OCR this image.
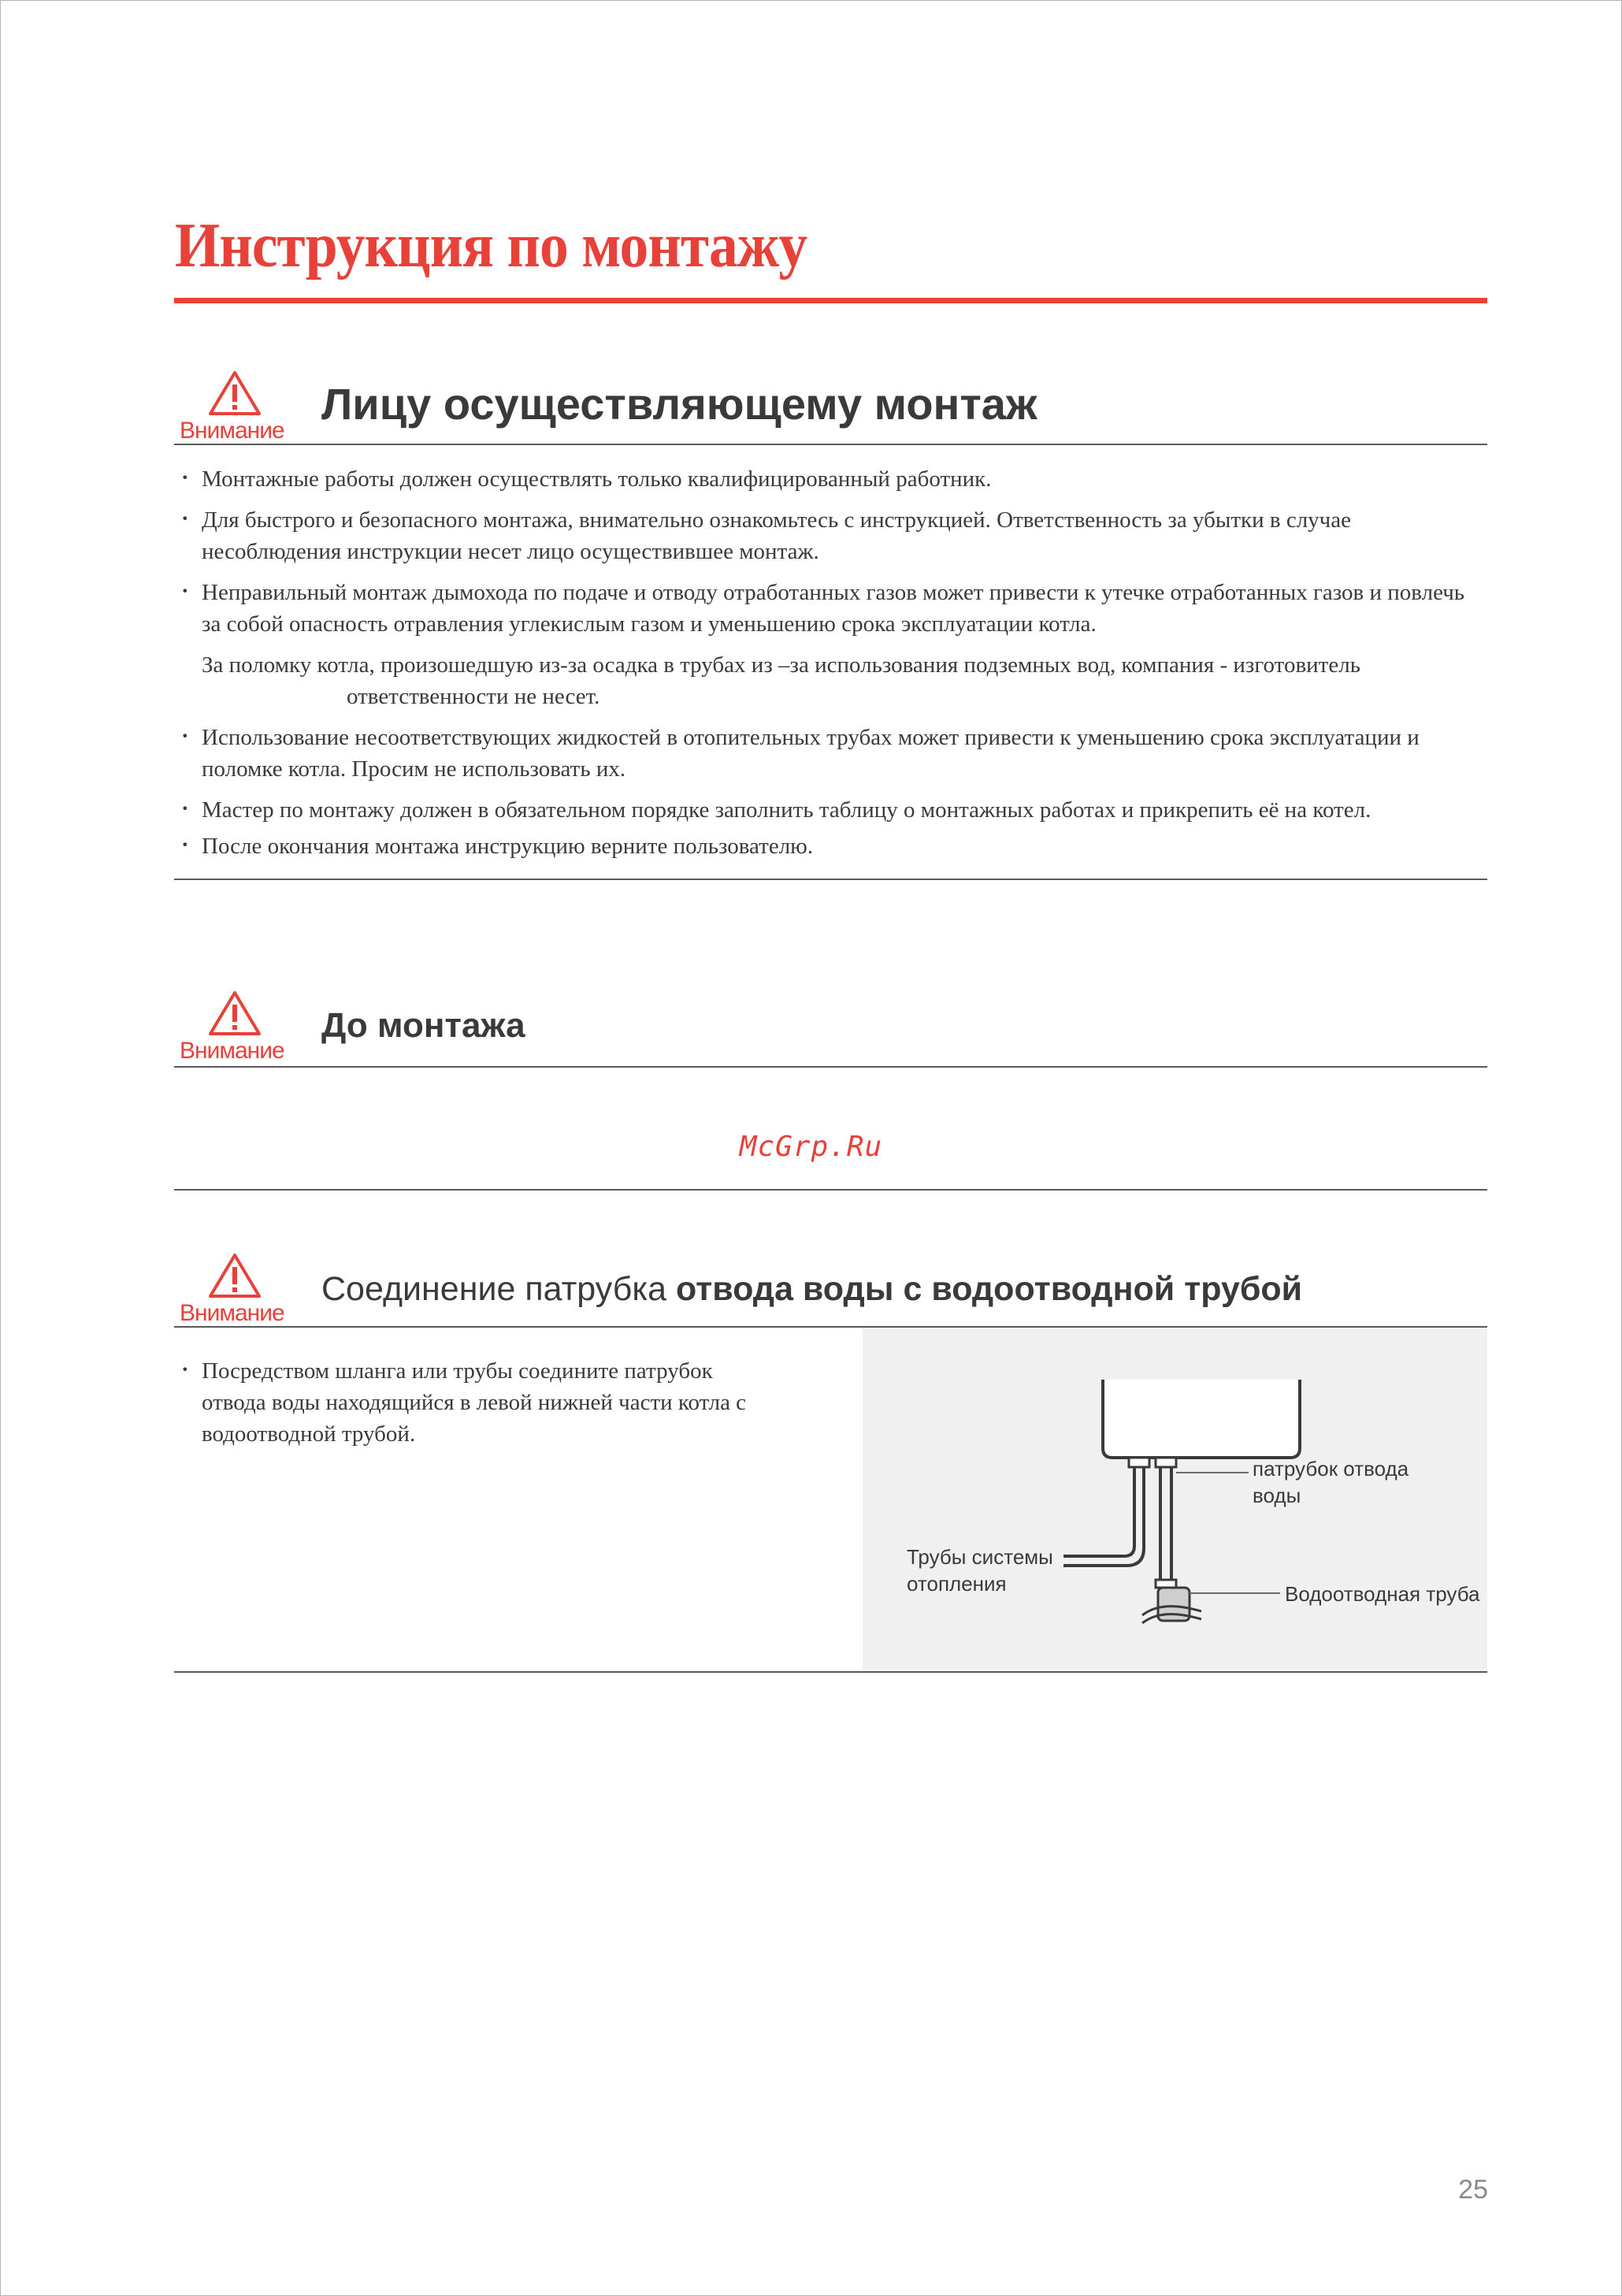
Инструкция по монтажу
Внимание
Лицу осуществляющему монтаж
· Монтажные работы должен осуществлять только квалифицированный работник.
· Для быстрого и безопасного монтажа, внимательно ознакомьтесь с инструкцией. Ответственность за убытки в случае несоблюдения инструкции несет лицо осуществившее монтаж.
· Неправильный монтаж дымохода по подаче и отводу отработанных газов может привести к утечке отработанных газов и повлечь за собой опасность отравления углекислым газом и уменьшению срока эксплуатации котла.
За поломку котла, произошедшую из-за осадка в трубах из –за использования подземных вод, компания - изготовитель
ответственности не несет.
· Использование несоответствующих жидкостей в отопительных трубах может привести к уменьшению срока эксплуатации и поломке котла. Просим не использовать их.
· Мастер по монтажу должен в обязательном порядке заполнить таблицу о монтажных работах и прикрепить её на котел.
· После окончания монтажа инструкцию верните пользователю.
Внимание
До монтажа
McGrp.Ru
Внимание
Соединение патрубка отвода воды с водоотводной трубой
· Посредством шланга или трубы соедините патрубок отвода воды находящийся в левой нижней части котла с водоотводной трубой.
патрубок отвода
воды
Трубы системы
отопления	Водоотводная труба
25
